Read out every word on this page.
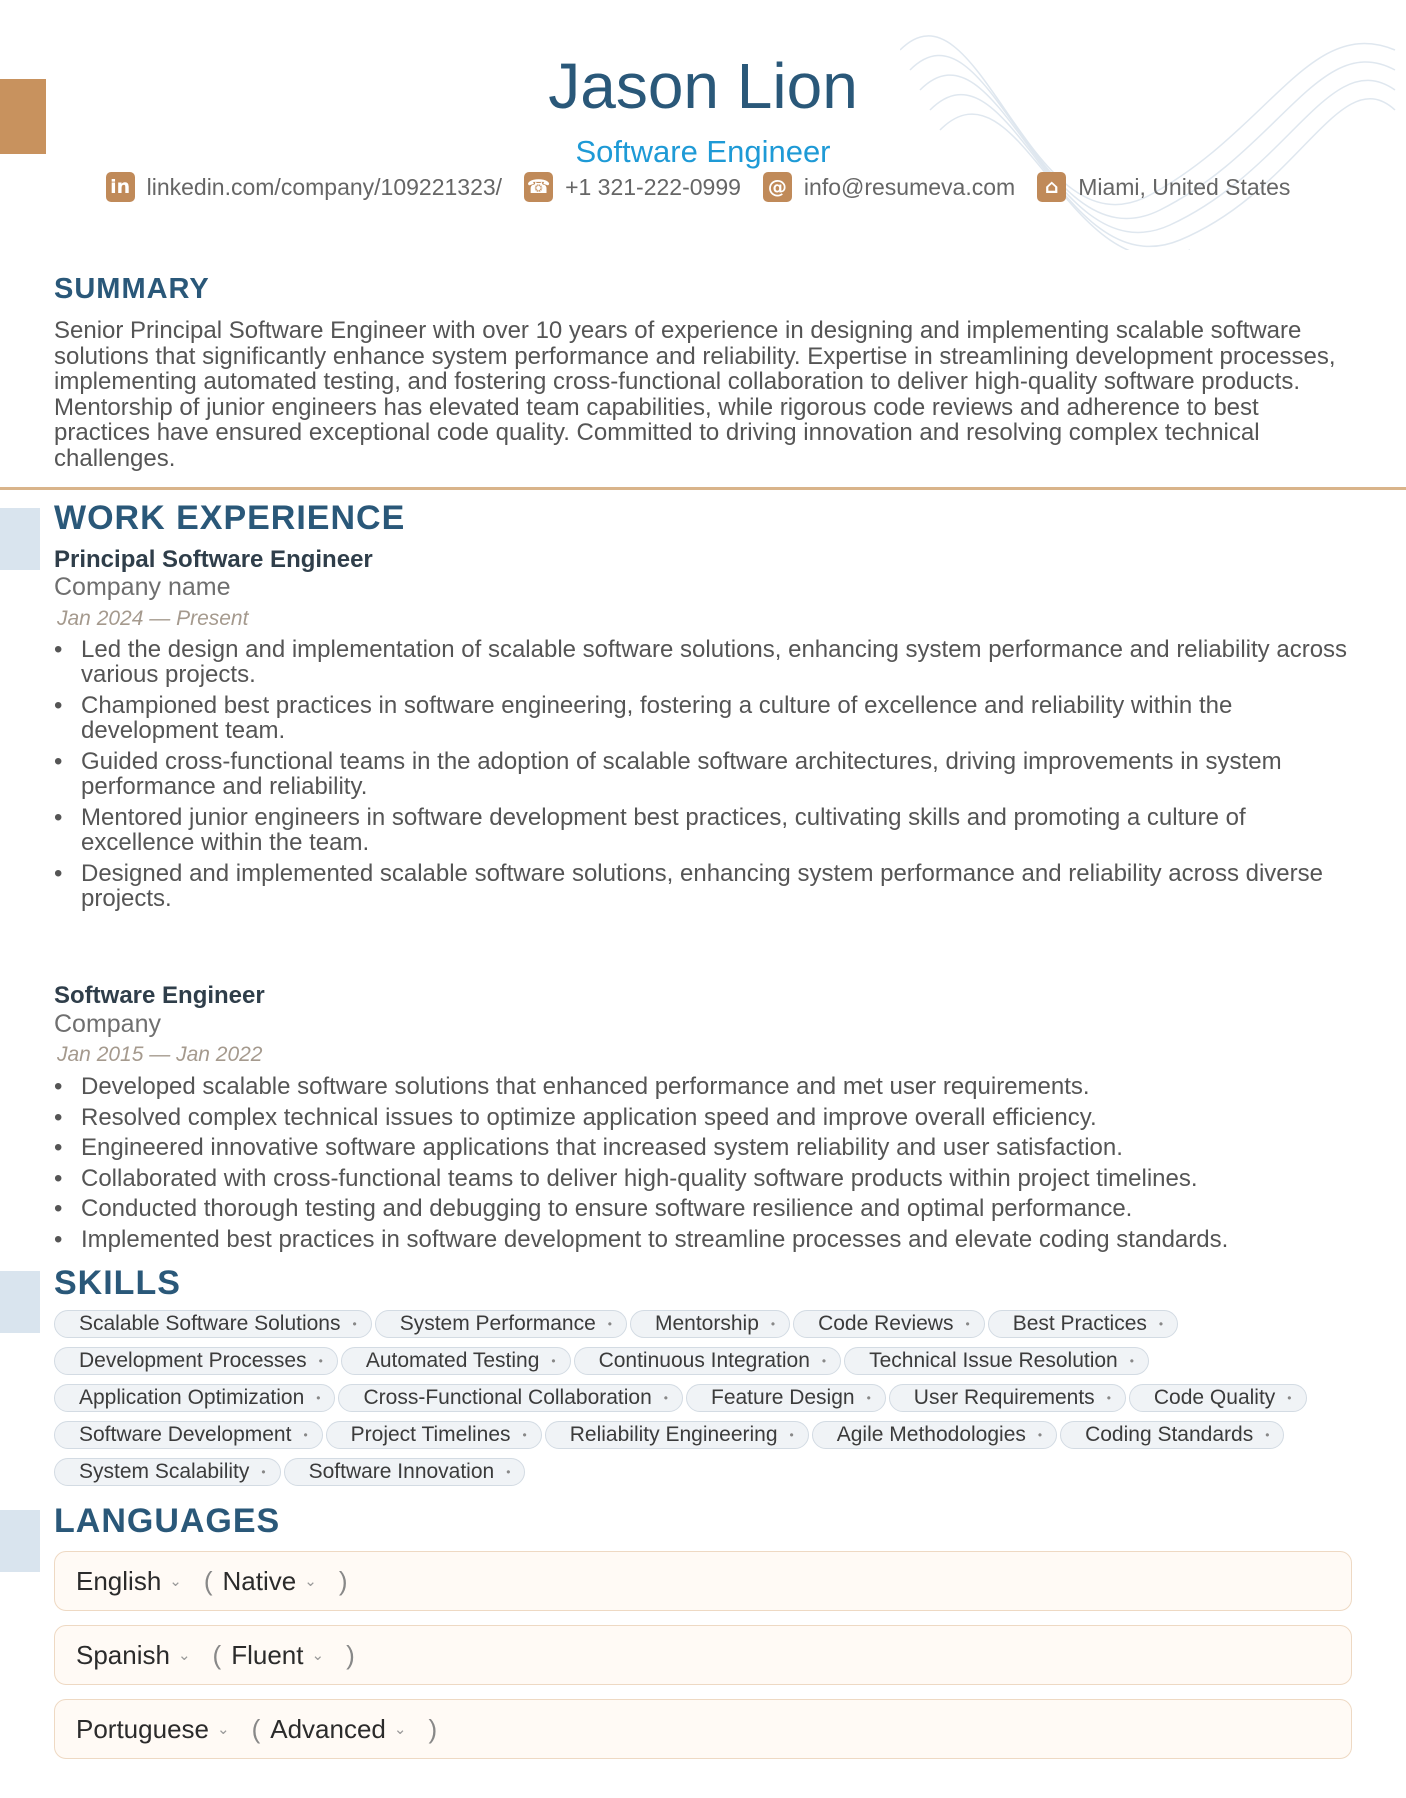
Jason Lion
Software Engineer
in linkedin.com/company/109221323/ ☎ +1 321-222-0999 @ info@resumeva.com	⌂ Miami, United States
SUMMARY
Senior Principal Software Engineer with over 10 years of experience in designing and implementing scalable software solutions that significantly enhance system performance and reliability. Expertise in streamlining development processes, implementing automated testing, and fostering cross-functional collaboration to deliver high-quality software products. Mentorship of junior engineers has elevated team capabilities, while rigorous code reviews and adherence to best practices have ensured exceptional code quality. Committed to driving innovation and resolving complex technical challenges.
WORK EXPERIENCE
Principal Software Engineer
Company name
Jan 2024 — Present
• Led the design and implementation of scalable software solutions, enhancing system performance and reliability across various projects.
• Championed best practices in software engineering, fostering a culture of excellence and reliability within the development team.
• Guided cross-functional teams in the adoption of scalable software architectures, driving improvements in system performance and reliability.
• Mentored junior engineers in software development best practices, cultivating skills and promoting a culture of excellence within the team.
• Designed and implemented scalable software solutions, enhancing system performance and reliability across diverse projects.
Software Engineer
Company
Jan 2015 — Jan 2022
• Developed scalable software solutions that enhanced performance and met user requirements.
• Resolved complex technical issues to optimize application speed and improve overall efficiency.
• Engineered innovative software applications that increased system reliability and user satisfaction.
• Collaborated with cross-functional teams to deliver high-quality software products within project timelines.
• Conducted thorough testing and debugging to ensure software resilience and optimal performance.
• Implemented best practices in software development to streamline processes and elevate coding standards.
SKILLS
Scalable Software Solutions • System Performance • Mentorship • Code Reviews • Best Practices •
Development Processes • Automated Testing • Continuous Integration • Technical Issue Resolution •
Application Optimization • Cross-Functional Collaboration • Feature Design • User Requirements • Code Quality •
Software Development • Project Timelines • Reliability Engineering • Agile Methodologies • Coding Standards •
System Scalability • Software Innovation •
LANGUAGES
English ⌄ ( Native ⌄ )
Spanish ⌄ ( Fluent ⌄ )
Portuguese ⌄ ( Advanced ⌄ )
